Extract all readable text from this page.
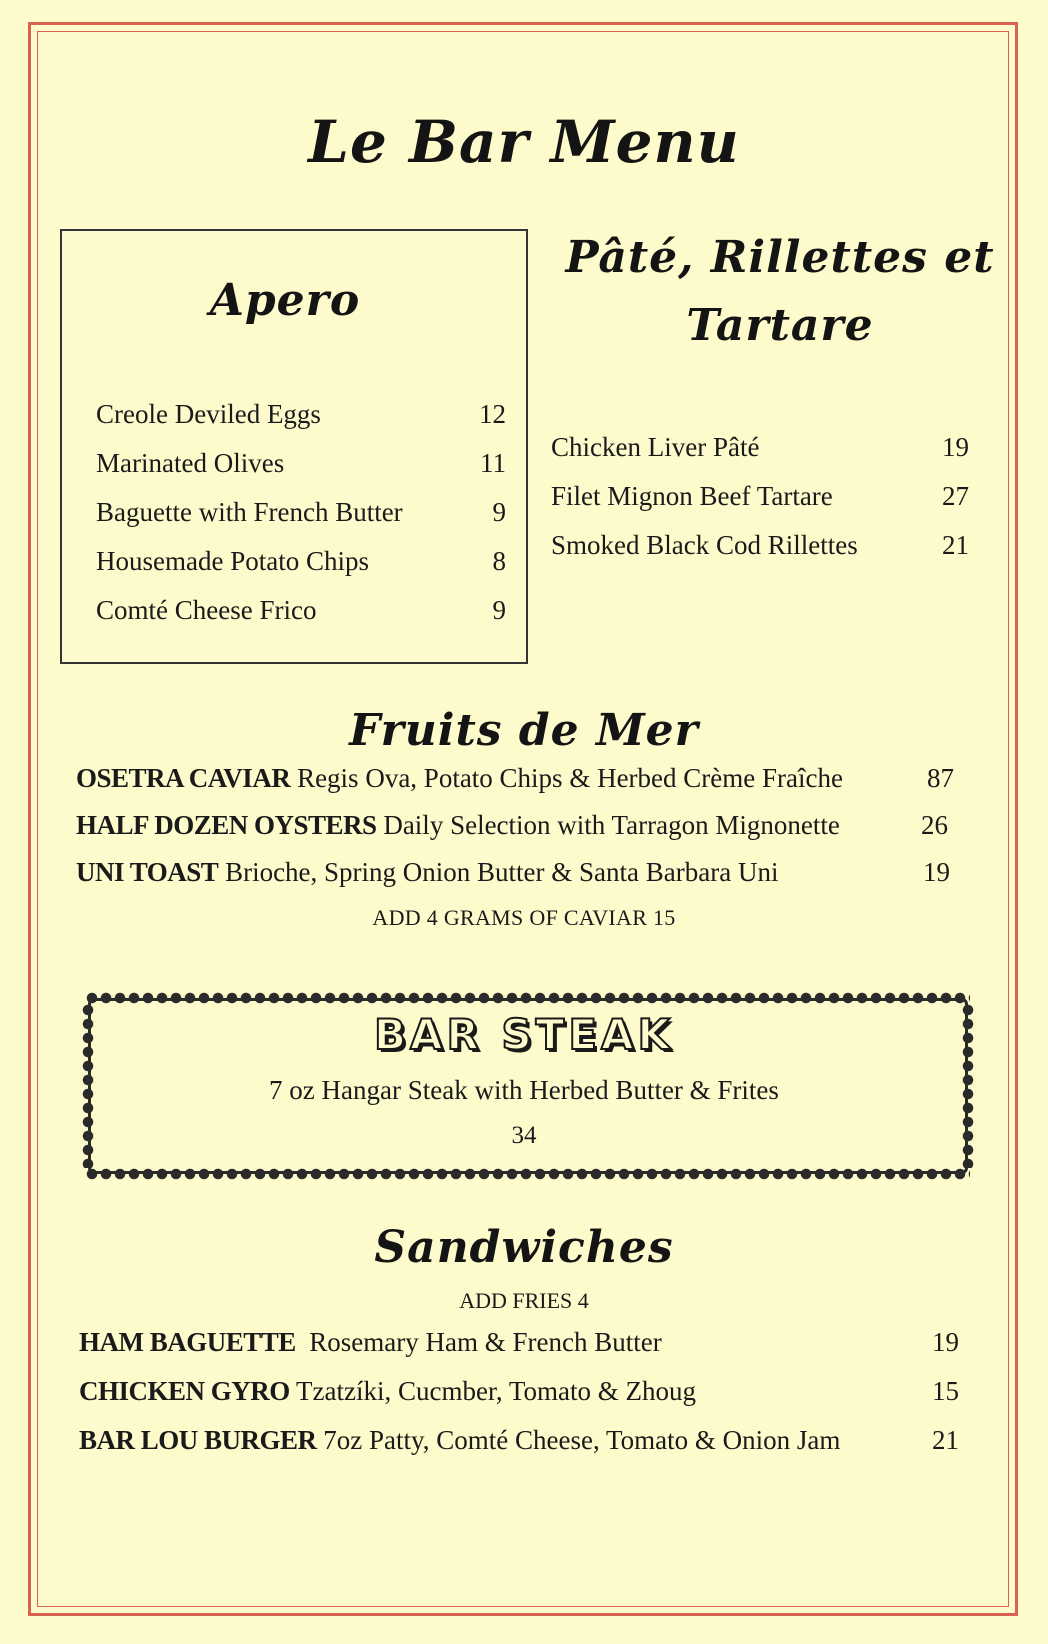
Le Bar Menu
Apero
Creole Deviled Eggs	12
Marinated Olives	11
Baguette with French Butter	9
Housemade Potato Chips	8
Comté Cheese Frico	9
Pâté, Rillettes et
Tartare
Chicken Liver Pâté	19
Filet Mignon Beef Tartare	27
Smoked Black Cod Rillettes	21
Fruits de Mer
OSETRA CAVIAR Regis Ova, Potato Chips & Herbed Crème Fraîche	87
HALF DOZEN OYSTERS Daily Selection with Tarragon Mignonette	26
UNI TOAST Brioche, Spring Onion Butter & Santa Barbara Uni	19
ADD 4 GRAMS OF CAVIAR 15
BAR STEAK
7 oz Hangar Steak with Herbed Butter & Frites
34
Sandwiches
ADD FRIES 4
HAM BAGUETTE Rosemary Ham & French Butter	19
CHICKEN GYRO Tzatzíki, Cucmber, Tomato & Zhoug	15
BAR LOU BURGER 7oz Patty, Comté Cheese, Tomato & Onion Jam	21
